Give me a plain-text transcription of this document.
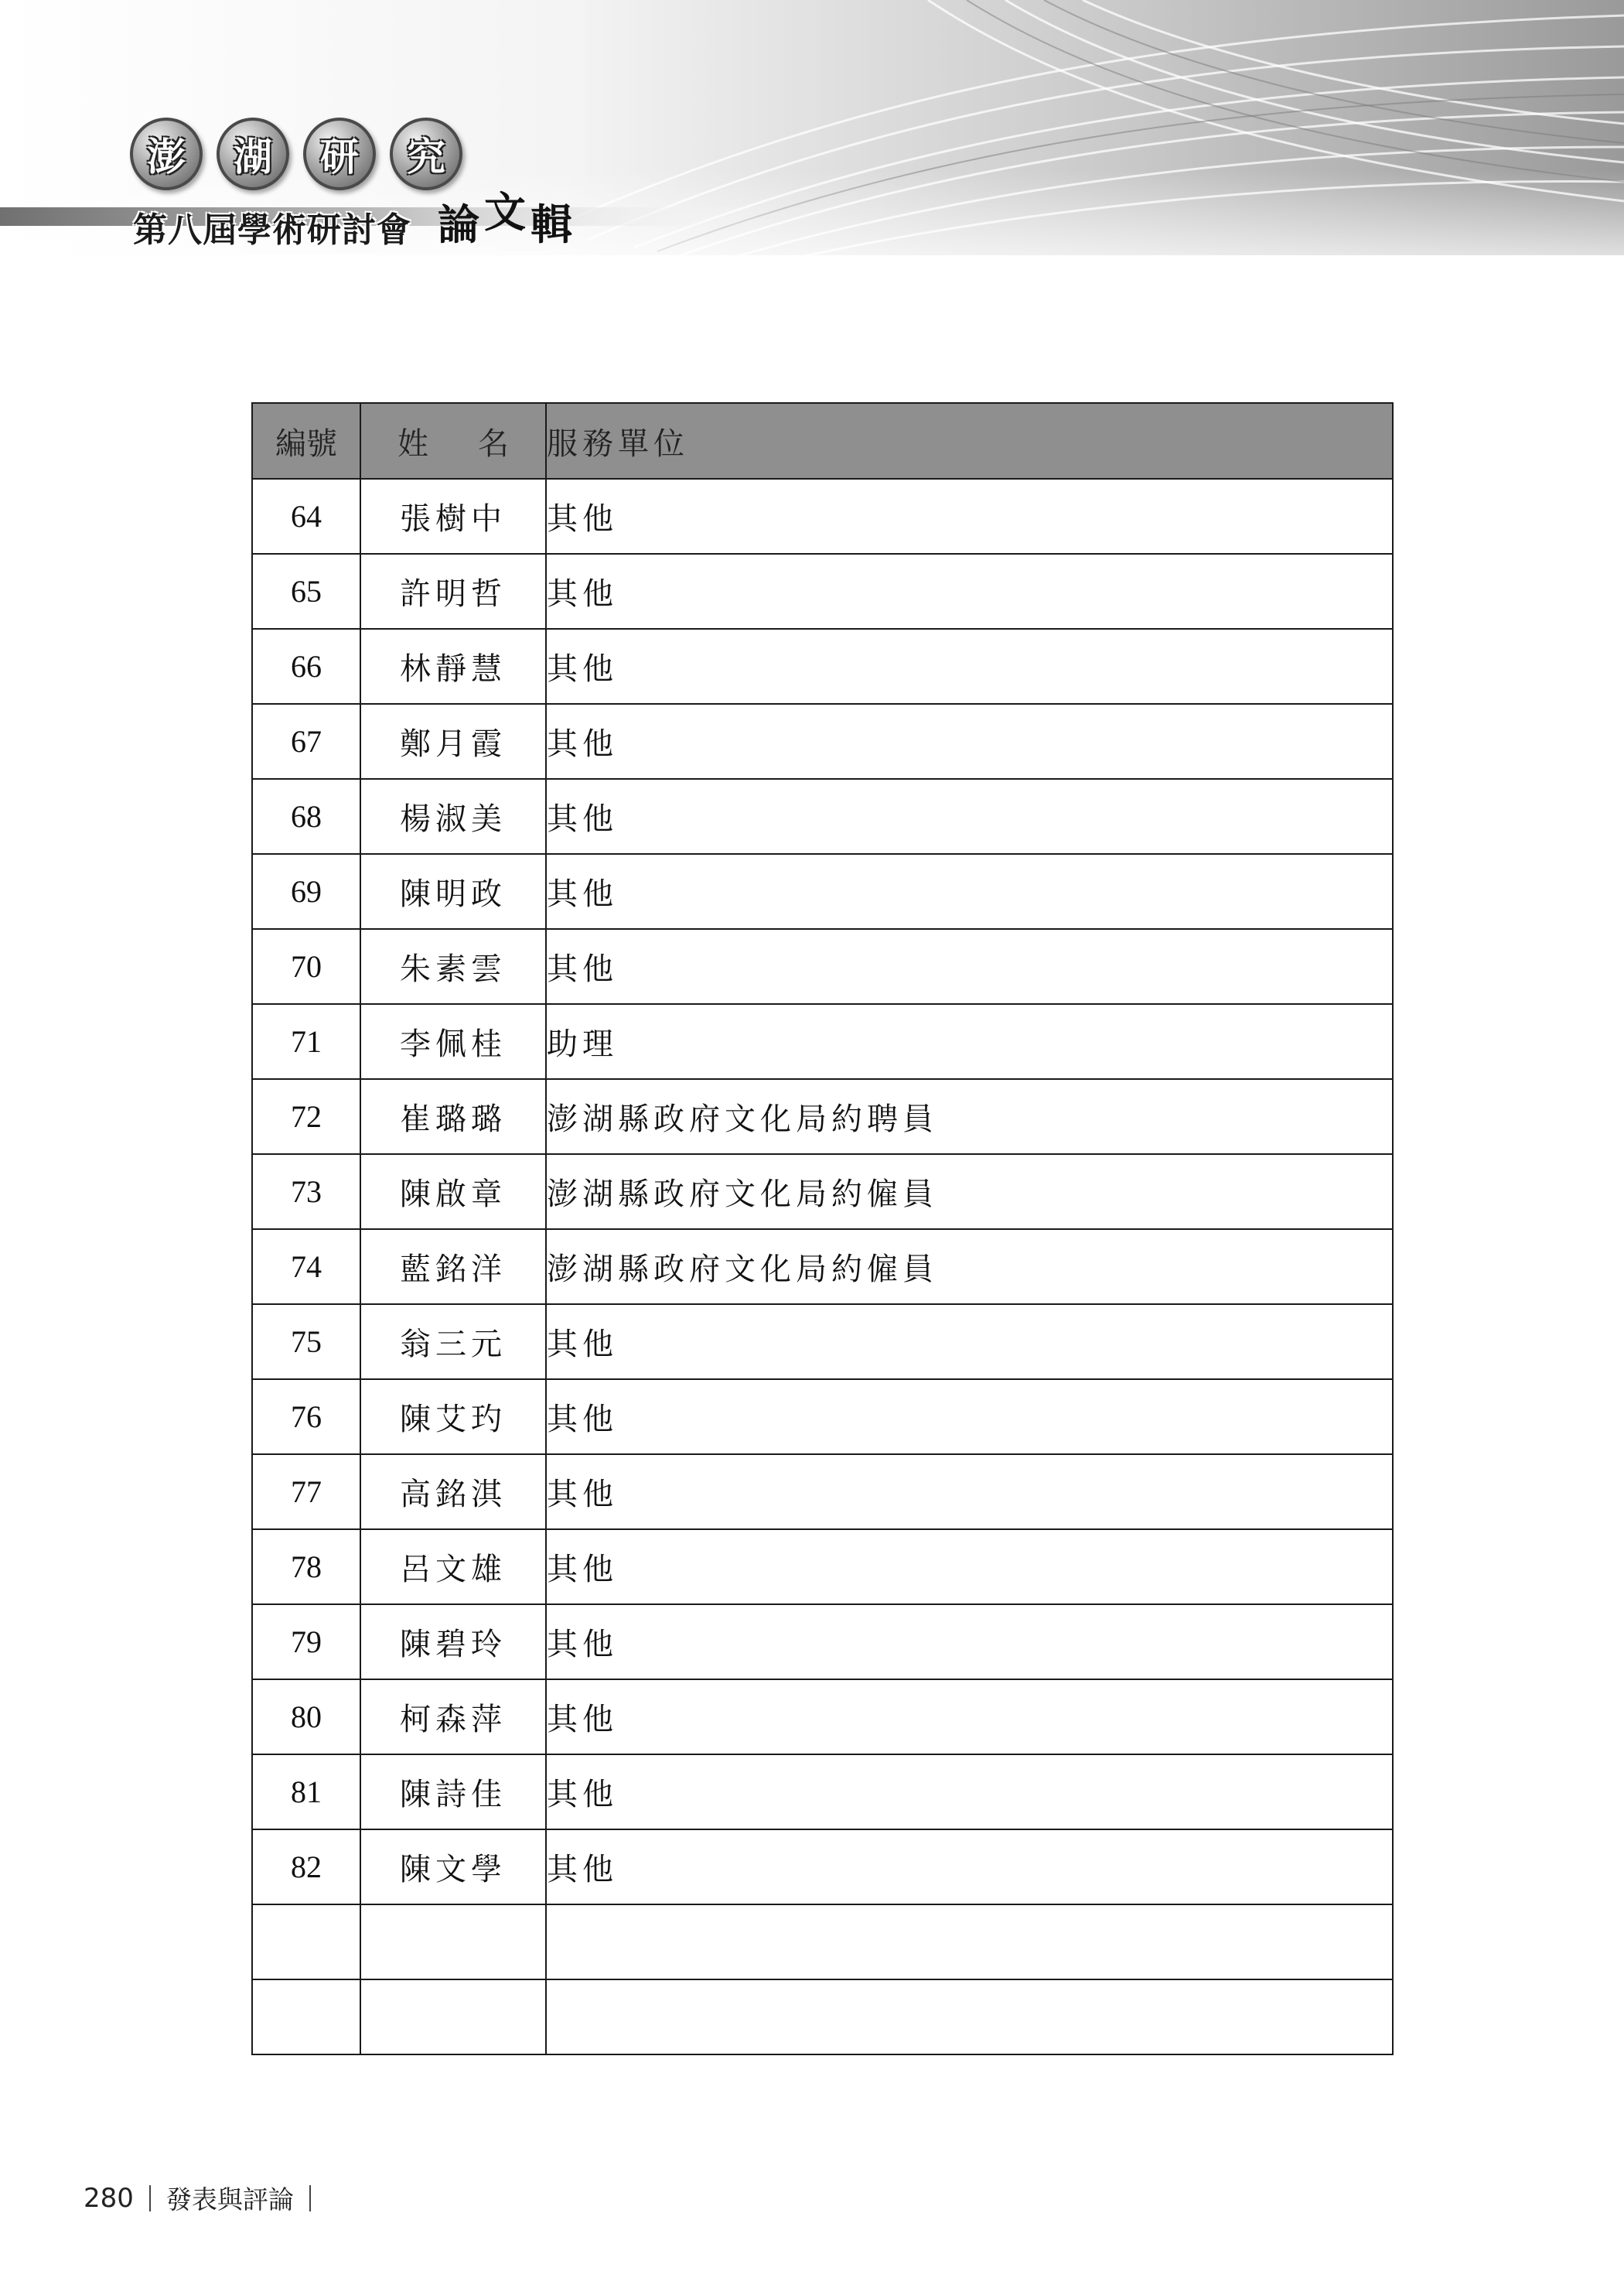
澎	湖	研	究
第八屆學術研討會 論文輯
編號	姓 名	服務單位
64	張樹中	其他
65	許明哲	其他
66	林靜慧	其他
67	鄭月霞	其他
68	楊淑美	其他
69	陳明政	其他
70	朱素雲	其他
71	李佩桂	助理
72	崔璐璐	澎湖縣政府文化局約聘員
73	陳啟章	澎湖縣政府文化局約僱員
74	藍銘洋	澎湖縣政府文化局約僱員
75	翁三元	其他
76	陳艾玓	其他
77	高銘淇	其他
78	呂文雄	其他
79	陳碧玲	其他
80	柯森萍	其他
81	陳詩佳	其他
82	陳文學	其他

280 發表與評論
